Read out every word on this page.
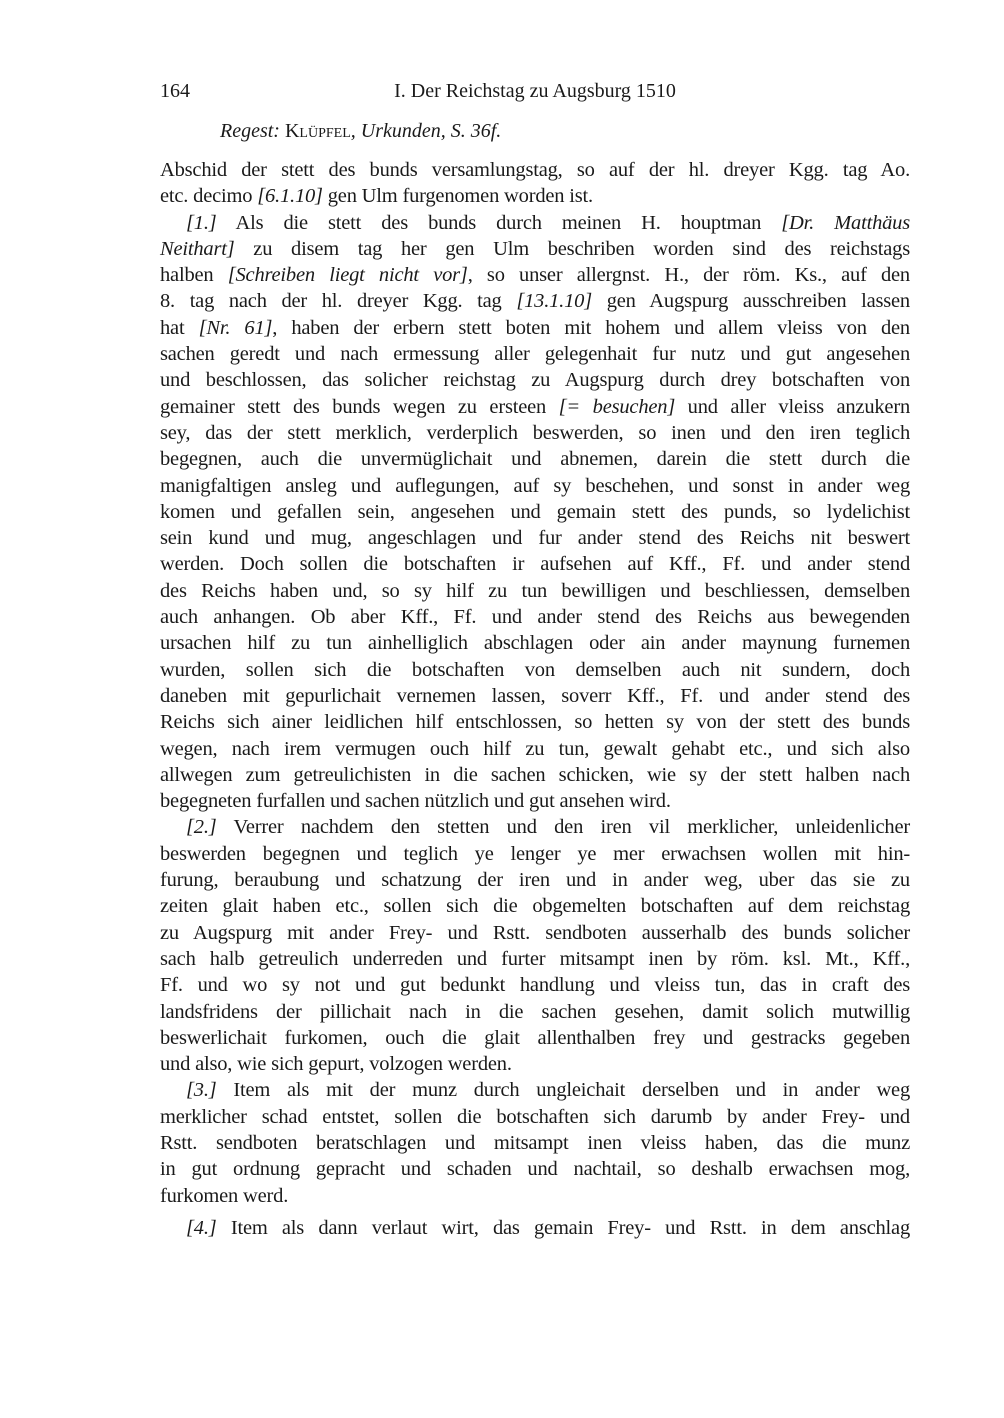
164	I. Der Reichstag zu Augsburg 1510
Regest: Klüpfel, Urkunden, S. 36f.
Abschid der stett des bunds versamlungstag, so auf der hl. dreyer Kgg. tag Ao.
etc. decimo [6.1.10] gen Ulm furgenomen worden ist.
[1.] Als die stett des bunds durch meinen H. houptman [Dr. Matthäus
Neithart] zu disem tag her gen Ulm beschriben worden sind des reichstags
halben [Schreiben liegt nicht vor], so unser allergnst. H., der röm. Ks., auf den
8. tag nach der hl. dreyer Kgg. tag [13.1.10] gen Augspurg ausschreiben lassen
hat [Nr. 61], haben der erbern stett boten mit hohem und allem vleiss von den
sachen geredt und nach ermessung aller gelegenhait fur nutz und gut angesehen
und beschlossen, das solicher reichstag zu Augspurg durch drey botschaften von
gemainer stett des bunds wegen zu ersteen [= besuchen] und aller vleiss anzukern
sey, das der stett merklich, verderplich beswerden, so inen und den iren teglich
begegnen, auch die unvermüglichait und abnemen, darein die stett durch die
manigfaltigen ansleg und auflegungen, auf sy beschehen, und sonst in ander weg
komen und gefallen sein, angesehen und gemain stett des punds, so lydelichist
sein kund und mug, angeschlagen und fur ander stend des Reichs nit beswert
werden. Doch sollen die botschaften ir aufsehen auf Kff., Ff. und ander stend
des Reichs haben und, so sy hilf zu tun bewilligen und beschliessen, demselben
auch anhangen. Ob aber Kff., Ff. und ander stend des Reichs aus bewegenden
ursachen hilf zu tun ainhelliglich abschlagen oder ain ander maynung furnemen
wurden, sollen sich die botschaften von demselben auch nit sundern, doch
daneben mit gepurlichait vernemen lassen, soverr Kff., Ff. und ander stend des
Reichs sich ainer leidlichen hilf entschlossen, so hetten sy von der stett des bunds
wegen, nach irem vermugen ouch hilf zu tun, gewalt gehabt etc., und sich also
allwegen zum getreulichisten in die sachen schicken, wie sy der stett halben nach
begegneten furfallen und sachen nützlich und gut ansehen wird.
[2.] Verrer nachdem den stetten und den iren vil merklicher, unleidenlicher
beswerden begegnen und teglich ye lenger ye mer erwachsen wollen mit hin-
furung, beraubung und schatzung der iren und in ander weg, uber das sie zu
zeiten glait haben etc., sollen sich die obgemelten botschaften auf dem reichstag
zu Augspurg mit ander Frey- und Rstt. sendboten ausserhalb des bunds solicher
sach halb getreulich underreden und furter mitsampt inen by röm. ksl. Mt., Kff.,
Ff. und wo sy not und gut bedunkt handlung und vleiss tun, das in craft des
landsfridens der pillichait nach in die sachen gesehen, damit solich mutwillig
beswerlichait furkomen, ouch die glait allenthalben frey und gestracks gegeben
und also, wie sich gepurt, volzogen werden.
[3.] Item als mit der munz durch ungleichait derselben und in ander weg
merklicher schad entstet, sollen die botschaften sich darumb by ander Frey- und
Rstt. sendboten beratschlagen und mitsampt inen vleiss haben, das die munz
in gut ordnung gepracht und schaden und nachtail, so deshalb erwachsen mog,
furkomen werd.
[4.] Item als dann verlaut wirt, das gemain Frey- und Rstt. in dem anschlag
